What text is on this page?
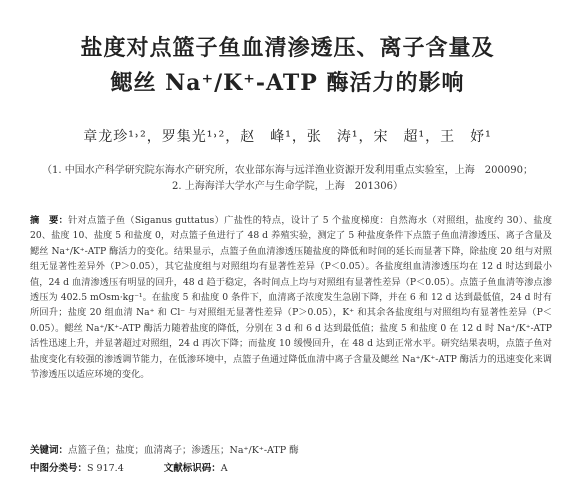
盐度对点篮子鱼血清渗透压、离子含量及
鳃丝 Na⁺/K⁺-ATP 酶活力的影响
章龙珍¹˒²，罗集光¹˒²，赵　峰¹，张　涛¹，宋　超¹，王　妤¹
（1. 中国水产科学研究院东海水产研究所，农业部东海与远洋渔业资源开发利用重点实验室，上海　200090；
2. 上海海洋大学水产与生命学院，上海　201306）
摘　要：针对点篮子鱼（Siganus guttatus）广盐性的特点，设计了 5 个盐度梯度：自然海水（对照组，盐度约 30）、盐度 20、盐度 10、盐度 5 和盐度 0，对点篮子鱼进行了 48 d 养殖实验，测定了 5 种盐度条件下点篮子鱼血清渗透压、离子含量及鳃丝 Na⁺/K⁺-ATP 酶活力的变化。结果显示，点篮子鱼血清渗透压随盐度的降低和时间的延长而显著下降，除盐度 20 组与对照组无显著性差异外（P＞0.05），其它盐度组与对照组均有显著性差异（P＜0.05）。各盐度组血清渗透压均在 12 d 时达到最小值，24 d 血清渗透压有明显的回升，48 d 趋于稳定，各时间点上均与对照组有显著性差异（P＜0.05）。点篮子鱼血清等渗点渗透压为 402.5 mOsm·kg⁻¹。在盐度 5 和盐度 0 条件下，血清离子浓度发生急剧下降，并在 6 和 12 d 达到最低值，24 d 时有所回升；盐度 20 组血清 Na⁺ 和 Cl⁻ 与对照组无显著性差异（P＞0.05），K⁺ 和其余各盐度组与对照组均有显著性差异（P＜0.05）。鳃丝 Na⁺/K⁺-ATP 酶活力随着盐度的降低，分别在 3 d 和 6 d 达到最低值；盐度 5 和盐度 0 在 12 d 时 Na⁺/K⁺-ATP 活性迅速上升，并显著超过对照组，24 d 再次下降；而盐度 10 缓慢回升，在 48 d 达到正常水平。研究结果表明，点篮子鱼对盐度变化有较强的渗透调节能力，在低渗环境中，点篮子鱼通过降低血清中离子含量及鳃丝 Na⁺/K⁺-ATP 酶活力的迅速变化来调节渗透压以适应环境的变化。
关键词：点篮子鱼；盐度；血清离子；渗透压；Na⁺/K⁺-ATP 酶
中图分类号：S 917.4	文献标识码：A
